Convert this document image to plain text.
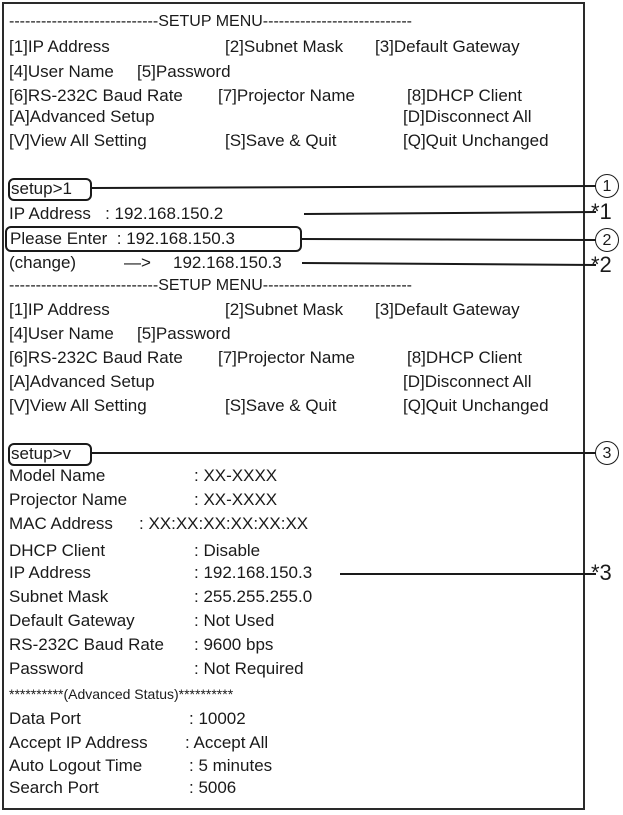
----------------------------SETUP MENU----------------------------
[1]IP Address	[2]Subnet Mask [3]Default Gateway
[4]User Name [5]Password
[6]RS-232C Baud Rate [7]Projector Name	[8]DHCP Client
[A]Advanced Setup	[D]Disconnect All
[V]View All Setting	[S]Save & Quit	[Q]Quit Unchanged
setup>1
IP Address   : 192.168.150.2
Please Enter  : 192.168.150.3
(change)	—> 192.168.150.3
----------------------------SETUP MENU----------------------------
[1]IP Address	[2]Subnet Mask [3]Default Gateway
[4]User Name [5]Password
[6]RS-232C Baud Rate [7]Projector Name	[8]DHCP Client
[A]Advanced Setup	[D]Disconnect All
[V]View All Setting	[S]Save & Quit	[Q]Quit Unchanged
setup>v
Model Name	: XX-XXXX
Projector Name	: XX-XXXX
MAC Address : XX:XX:XX:XX:XX:XX
DHCP Client	: Disable
IP Address	: 192.168.150.3
Subnet Mask	: 255.255.255.0
Default Gateway	: Not Used
RS-232C Baud Rate : 9600 bps
Password	: Not Required
**********(Advanced Status)**********
Data Port	: 10002
Accept IP Address : Accept All
Auto Logout Time	: 5 minutes
Search Port	: 5006
1
2
3
*1
*2
*3
